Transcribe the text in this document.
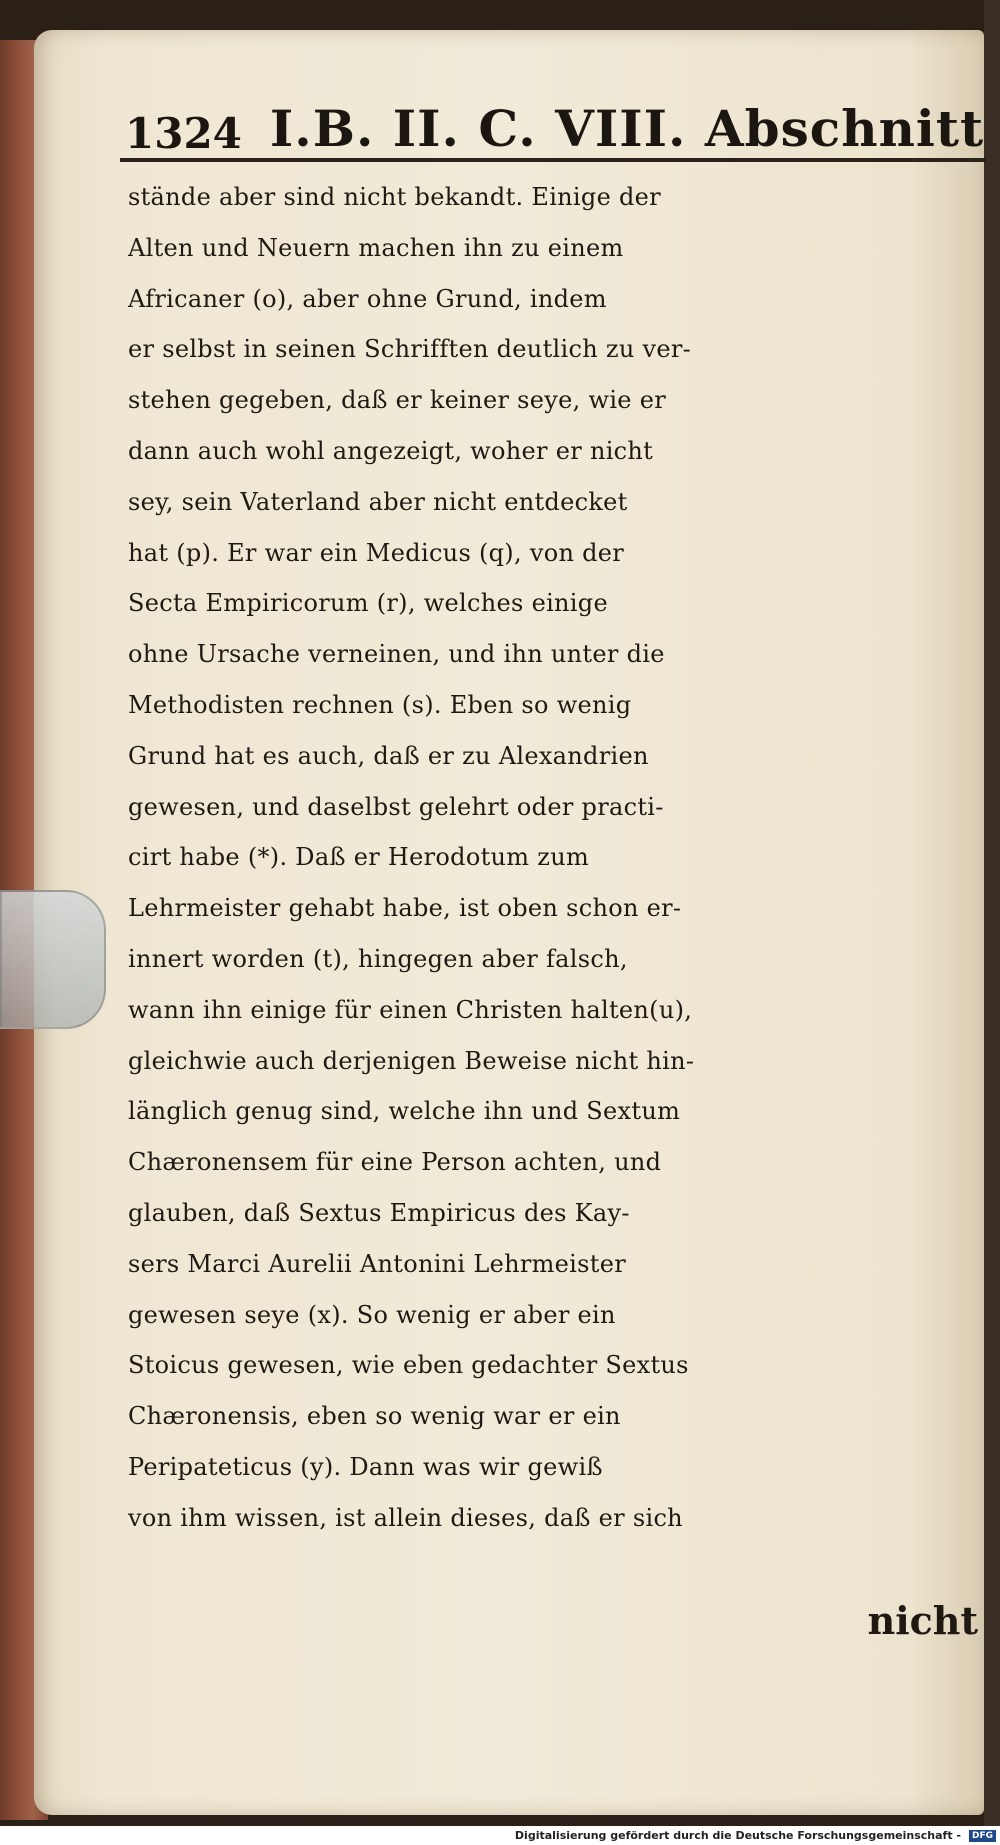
1324 I.B. II. C. VIII. Abschnitt
stände aber sind nicht bekandt. Einige der
Alten und Neuern machen ihn zu einem
Africaner (o), aber ohne Grund, indem
er selbst in seinen Schrifften deutlich zu ver-
stehen gegeben, daß er keiner seye, wie er
dann auch wohl angezeigt, woher er nicht
sey, sein Vaterland aber nicht entdecket
hat (p). Er war ein Medicus (q), von der
Secta Empiricorum (r), welches einige
ohne Ursache verneinen, und ihn unter die
Methodisten rechnen (s). Eben so wenig
Grund hat es auch, daß er zu Alexandrien
gewesen, und daselbst gelehrt oder practi-
cirt habe (*). Daß er Herodotum zum
Lehrmeister gehabt habe, ist oben schon er-
innert worden (t), hingegen aber falsch,
wann ihn einige für einen Christen halten(u),
gleichwie auch derjenigen Beweise nicht hin-
länglich genug sind, welche ihn und Sextum
Chæronensem für eine Person achten, und
glauben, daß Sextus Empiricus des Kay-
sers Marci Aurelii Antonini Lehrmeister
gewesen seye (x). So wenig er aber ein
Stoicus gewesen, wie eben gedachter Sextus
Chæronensis, eben so wenig war er ein
Peripateticus (y). Dann was wir gewiß
von ihm wissen, ist allein dieses, daß er sich
nicht
Digitalisierung gefördert durch die Deutsche Forschungsgemeinschaft -	DFG
